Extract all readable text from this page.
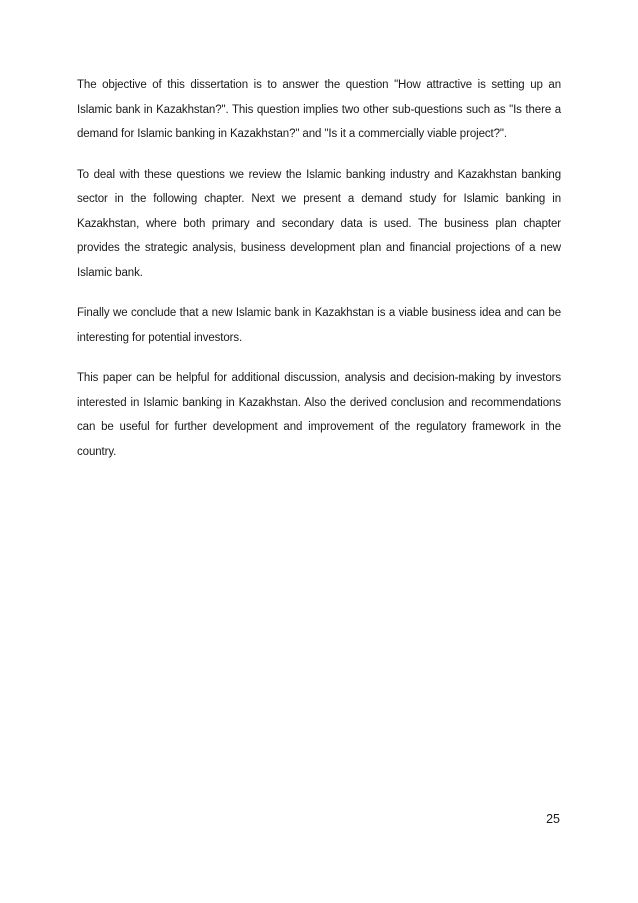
The objective of this dissertation is to answer the question "How attractive is setting up an Islamic bank in Kazakhstan?". This question implies two other sub-questions such as "Is there a demand for Islamic banking in Kazakhstan?" and "Is it a commercially viable project?".

To deal with these questions we review the Islamic banking industry and Kazakhstan banking sector in the following chapter. Next we present a demand study for Islamic banking in Kazakhstan, where both primary and secondary data is used. The business plan chapter provides the strategic analysis, business development plan and financial projections of a new Islamic bank.

Finally we conclude that a new Islamic bank in Kazakhstan is a viable business idea and can be interesting for potential investors.

This paper can be helpful for additional discussion, analysis and decision-making by investors interested in Islamic banking in Kazakhstan. Also the derived conclusion and recommendations can be useful for further development and improvement of the regulatory framework in the country.

25
